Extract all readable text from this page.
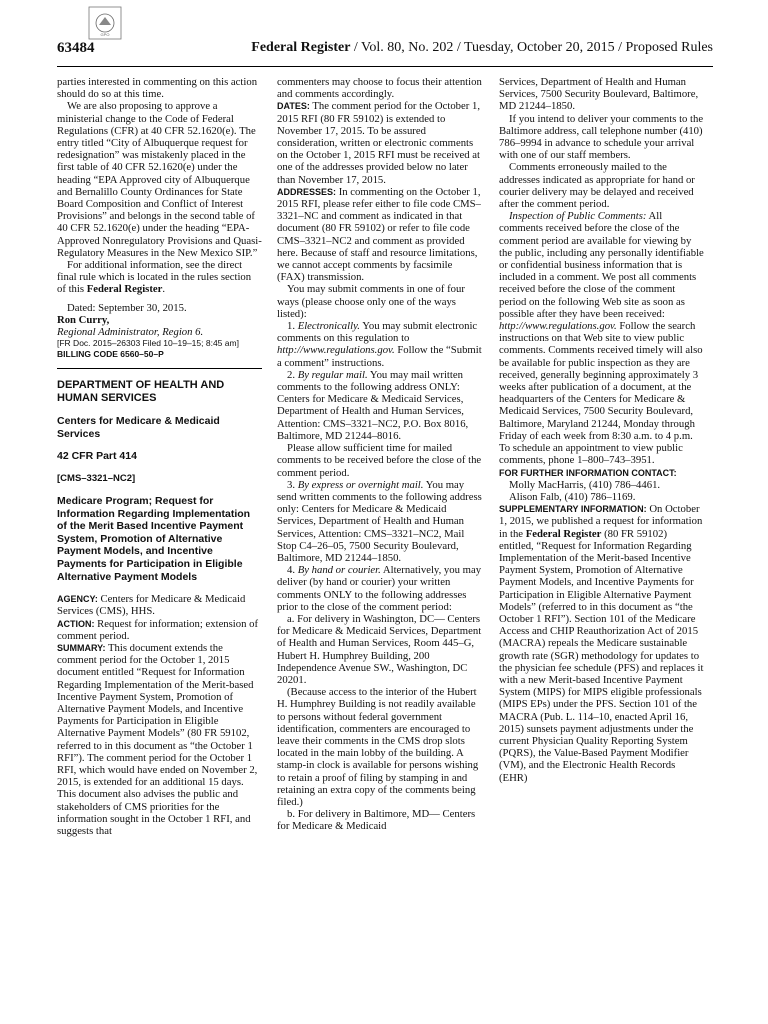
GPO
63484	Federal Register / Vol. 80, No. 202 / Tuesday, October 20, 2015 / Proposed Rules

parties interested in commenting on this action should do so at this time.

We are also proposing to approve a ministerial change to the Code of Federal Regulations (CFR) at 40 CFR 52.1620(e). The entry titled “City of Albuquerque request for redesignation” was mistakenly placed in the first table of 40 CFR 52.1620(e) under the heading “EPA Approved city of Albuquerque and Bernalillo County Ordinances for State Board Composition and Conflict of Interest Provisions” and belongs in the second table of 40 CFR 52.1620(e) under the heading “EPA-Approved Nonregulatory Provisions and Quasi-Regulatory Measures in the New Mexico SIP.”

For additional information, see the direct final rule which is located in the rules section of this Federal Register.

Dated: September 30, 2015.

Ron Curry,

Regional Administrator, Region 6.

[FR Doc. 2015–26303 Filed 10–19–15; 8:45 am]

BILLING CODE 6560–50–P

DEPARTMENT OF HEALTH AND HUMAN SERVICES
Centers for Medicare & Medicaid Services
42 CFR Part 414
[CMS–3321–NC2]
Medicare Program; Request for Information Regarding Implementation of the Merit Based Incentive Payment System, Promotion of Alternative Payment Models, and Incentive Payments for Participation in Eligible Alternative Payment Models

AGENCY: Centers for Medicare & Medicaid Services (CMS), HHS.

ACTION: Request for information; extension of comment period.

SUMMARY: This document extends the comment period for the October 1, 2015 document entitled “Request for Information Regarding Implementation of the Merit-based Incentive Payment System, Promotion of Alternative Payment Models, and Incentive Payments for Participation in Eligible Alternative Payment Models” (80 FR 59102, referred to in this document as “the October 1 RFI”). The comment period for the October 1 RFI, which would have ended on November 2, 2015, is extended for an additional 15 days. This document also advises the public and stakeholders of CMS priorities for the information sought in the October 1 RFI, and suggests that

commenters may choose to focus their attention and comments accordingly.

DATES: The comment period for the October 1, 2015 RFI (80 FR 59102) is extended to November 17, 2015. To be assured consideration, written or electronic comments on the October 1, 2015 RFI must be received at one of the addresses provided below no later than November 17, 2015.

ADDRESSES: In commenting on the October 1, 2015 RFI, please refer either to file code CMS–3321–NC and comment as indicated in that document (80 FR 59102) or refer to file code CMS–3321–NC2 and comment as provided here. Because of staff and resource limitations, we cannot accept comments by facsimile (FAX) transmission.

You may submit comments in one of four ways (please choose only one of the ways listed):

1. Electronically. You may submit electronic comments on this regulation to http://www.regulations.gov. Follow the “Submit a comment” instructions.

2. By regular mail. You may mail written comments to the following address ONLY: Centers for Medicare & Medicaid Services, Department of Health and Human Services, Attention: CMS–3321–NC2, P.O. Box 8016, Baltimore, MD 21244–8016.

Please allow sufficient time for mailed comments to be received before the close of the comment period.

3. By express or overnight mail. You may send written comments to the following address only: Centers for Medicare & Medicaid Services, Department of Health and Human Services, Attention: CMS–3321–NC2, Mail Stop C4–26–05, 7500 Security Boulevard, Baltimore, MD 21244–1850.

4. By hand or courier. Alternatively, you may deliver (by hand or courier) your written comments ONLY to the following addresses prior to the close of the comment period:

a. For delivery in Washington, DC— Centers for Medicare & Medicaid Services, Department of Health and Human Services, Room 445–G, Hubert H. Humphrey Building, 200 Independence Avenue SW., Washington, DC 20201.

(Because access to the interior of the Hubert H. Humphrey Building is not readily available to persons without federal government identification, commenters are encouraged to leave their comments in the CMS drop slots located in the main lobby of the building. A stamp-in clock is available for persons wishing to retain a proof of filing by stamping in and retaining an extra copy of the comments being filed.)

b. For delivery in Baltimore, MD— Centers for Medicare & Medicaid

Services, Department of Health and Human Services, 7500 Security Boulevard, Baltimore, MD 21244–1850.

If you intend to deliver your comments to the Baltimore address, call telephone number (410) 786–9994 in advance to schedule your arrival with one of our staff members.

Comments erroneously mailed to the addresses indicated as appropriate for hand or courier delivery may be delayed and received after the comment period.

Inspection of Public Comments: All comments received before the close of the comment period are available for viewing by the public, including any personally identifiable or confidential business information that is included in a comment. We post all comments received before the close of the comment period on the following Web site as soon as possible after they have been received: http://www.regulations.gov. Follow the search instructions on that Web site to view public comments. Comments received timely will also be available for public inspection as they are received, generally beginning approximately 3 weeks after publication of a document, at the headquarters of the Centers for Medicare & Medicaid Services, 7500 Security Boulevard, Baltimore, Maryland 21244, Monday through Friday of each week from 8:30 a.m. to 4 p.m. To schedule an appointment to view public comments, phone 1–800–743–3951.

FOR FURTHER INFORMATION CONTACT:

Molly MacHarris, (410) 786–4461.

Alison Falb, (410) 786–1169.

SUPPLEMENTARY INFORMATION: On October 1, 2015, we published a request for information in the Federal Register (80 FR 59102) entitled, “Request for Information Regarding Implementation of the Merit-based Incentive Payment System, Promotion of Alternative Payment Models, and Incentive Payments for Participation in Eligible Alternative Payment Models” (referred to in this document as “the October 1 RFI”). Section 101 of the Medicare Access and CHIP Reauthorization Act of 2015 (MACRA) repeals the Medicare sustainable growth rate (SGR) methodology for updates to the physician fee schedule (PFS) and replaces it with a new Merit-based Incentive Payment System (MIPS) for MIPS eligible professionals (MIPS EPs) under the PFS. Section 101 of the MACRA (Pub. L. 114–10, enacted April 16, 2015) sunsets payment adjustments under the current Physician Quality Reporting System (PQRS), the Value-Based Payment Modifier (VM), and the Electronic Health Records (EHR)
